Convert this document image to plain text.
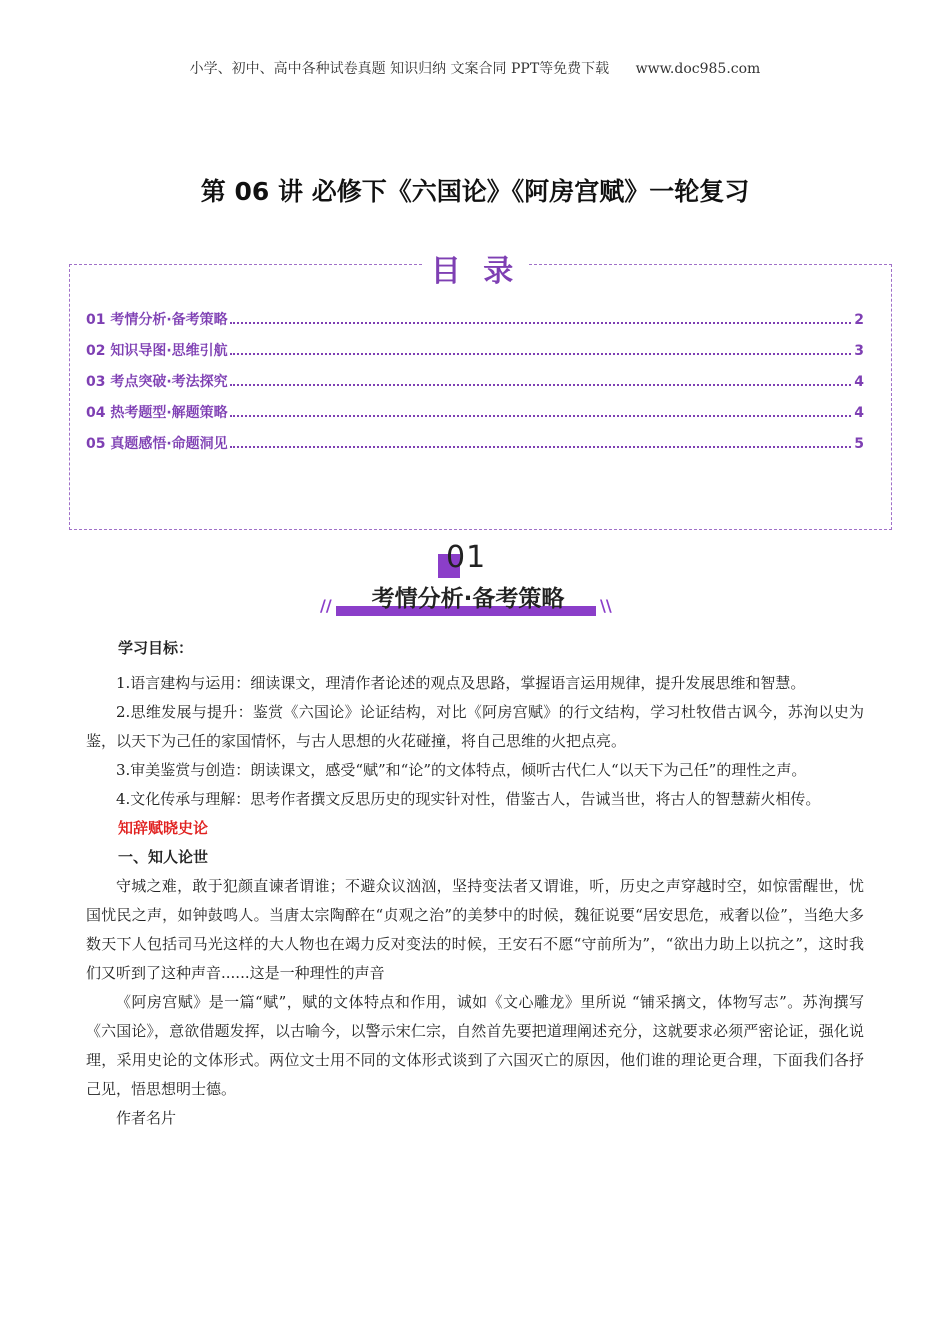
小学、初中、高中各种试卷真题 知识归纳 文案合同 PPT等免费下载 www.doc985.com
第 06 讲 必修下《六国论》《阿房宫赋》一轮复习
目 录
01 考情分析·备考策略	2
02 知识导图·思维引航	3
03 考点突破·考法探究	4
04 热考题型·解题策略	4
05 真题感悟·命题洞见	5
01
//	考情分析·备考策略	\\

学习目标：

1.语言建构与运用：细读课文，理清作者论述的观点及思路，掌握语言运用规律，提升发展思维和智慧。

2.思维发展与提升：鉴赏《六国论》论证结构，对比《阿房宫赋》的行文结构，学习杜牧借古讽今，苏洵以史为鉴，以天下为己任的家国情怀，与古人思想的火花碰撞，将自己思维的火把点亮。

3.审美鉴赏与创造：朗读课文，感受“赋”和“论”的文体特点，倾听古代仁人“以天下为己任”的理性之声。

4.文化传承与理解：思考作者撰文反思历史的现实针对性，借鉴古人，告诫当世，将古人的智慧薪火相传。

知辞赋晓史论

一、知人论世

守城之难，敢于犯颜直谏者谓谁；不避众议汹汹，坚持变法者又谓谁，听，历史之声穿越时空，如惊雷醒世，忧国忧民之声，如钟鼓鸣人。当唐太宗陶醉在“贞观之治”的美梦中的时候，魏征说要“居安思危，戒奢以俭”，当绝大多数天下人包括司马光这样的大人物也在竭力反对变法的时候，王安石不愿“守前所为”，“欲出力助上以抗之”，这时我们又听到了这种声音......这是一种理性的声音

《阿房宫赋》是一篇“赋”，赋的文体特点和作用，诚如《文心雕龙》里所说 “铺采摛文，体物写志”。苏洵撰写《六国论》，意欲借题发挥，以古喻今，以警示宋仁宗，自然首先要把道理阐述充分，这就要求必须严密论证，强化说理，采用史论的文体形式。两位文士用不同的文体形式谈到了六国灭亡的原因，他们谁的理论更合理，下面我们各抒己见，悟思想明士德。

作者名片
